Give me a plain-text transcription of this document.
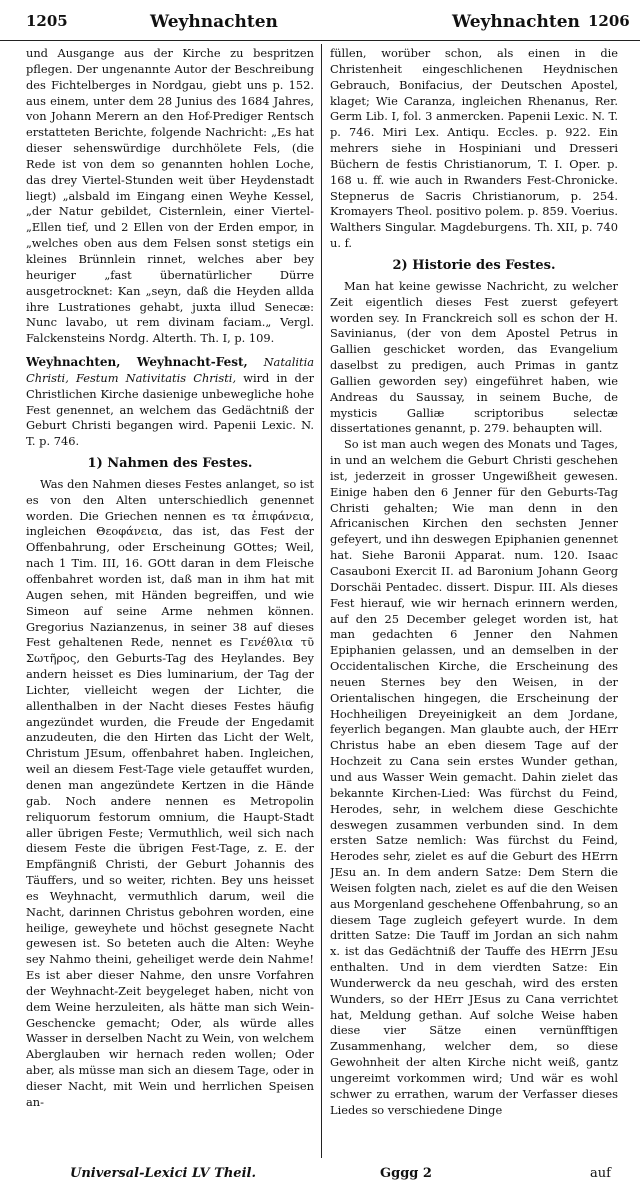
1205	Weyhnachten	Weyhnachten 1206

und Ausgange aus der Kirche zu bespritzen pflegen. Der ungenannte Autor der Beschreibung des Fichtelberges in Nordgau, giebt uns p. 152. aus einem, unter dem 28 Junius des 1684 Jahres, von Johann Merern an den Hof-Prediger Rentsch erstatteten Berichte, folgende Nachricht: „Es hat dieser sehenswürdige durchhölete Fels, (die Rede ist von dem so genannten hohlen Loche, das drey Viertel-Stunden weit über Heydenstadt liegt) „alsbald im Eingang einen Weyhe Kessel, „der Natur gebildet, Cisternlein, einer Viertel-„Ellen tief, und 2 Ellen von der Erden empor, in „welches oben aus dem Felsen sonst stetigs ein kleines Brünnlein rinnet, welches aber bey heuriger „fast übernatürlicher Dürre ausgetrocknet: Kan „seyn, daß die Heyden allda ihre Lustrationes gehabt, juxta illud Senecæ: Nunc lavabo, ut rem divinam faciam.„ Vergl. Falckensteins Nordg. Alterth. Th. I, p. 109.

Weyhnachten, Weyhnacht-Fest, Natalitia Christi, Festum Nativitatis Christi, wird in der Christlichen Kirche dasienige unbewegliche hohe Fest genennet, an welchem das Gedächtniß der Geburt Christi begangen wird. Papenii Lexic. N. T. p. 746.

1) Nahmen des Festes.

Was den Nahmen dieses Festes anlanget, so ist es von den Alten unterschiedlich genennet worden. Die Griechen nennen es τα ἐπιφάνεια, ingleichen Θεοφάνεια, das ist, das Fest der Offenbahrung, oder Erscheinung GOttes; Weil, nach 1 Tim. III, 16. GOtt daran in dem Fleische offenbahret worden ist, daß man in ihm hat mit Augen sehen, mit Händen begreiffen, und wie Simeon auf seine Arme nehmen können. Gregorius Nazianzenus, in seiner 38 auf dieses Fest gehaltenen Rede, nennet es Γενέθλια τῦ Σωτῆρος, den Geburts-Tag des Heylandes. Bey andern heisset es Dies luminarium, der Tag der Lichter, vielleicht wegen der Lichter, die allenthalben in der Nacht dieses Festes häufig angezündet wurden, die Freude der Engedamit anzudeuten, die den Hirten das Licht der Welt, Christum JEsum, offenbahret haben. Ingleichen, weil an diesem Fest-Tage viele getauffet wurden, denen man angezündete Kertzen in die Hände gab. Noch andere nennen es Metropolin reliquorum festorum omnium, die Haupt-Stadt aller übrigen Feste; Vermuthlich, weil sich nach diesem Feste die übrigen Fest-Tage, z. E. der Empfängniß Christi, der Geburt Johannis des Täuffers, und so weiter, richten. Bey uns heisset es Weyhnacht, vermuthlich darum, weil die Nacht, darinnen Christus gebohren worden, eine heilige, geweyhete und höchst gesegnete Nacht gewesen ist. So beteten auch die Alten: Weyhe sey Nahmo theini, geheiliget werde dein Nahme! Es ist aber dieser Nahme, den unsre Vorfahren der Weyhnacht-Zeit beygeleget haben, nicht von dem Weine herzuleiten, als hätte man sich Wein-Geschencke gemacht; Oder, als würde alles Wasser in derselben Nacht zu Wein, von welchem Aberglauben wir hernach reden wollen; Oder aber, als müsse man sich an diesem Tage, oder in dieser Nacht, mit Wein und herrlichen Speisen an-

füllen, worüber schon, als einen in die Christenheit eingeschlichenen Heydnischen Gebrauch, Bonifacius, der Deutschen Apostel, klaget; Wie Caranza, ingleichen Rhenanus, Rer. Germ Lib. I, fol. 3 anmercken. Papenii Lexic. N. T. p. 746. Miri Lex. Antiqu. Eccles. p. 922. Ein mehrers siehe in Hospiniani und Dresseri Büchern de festis Christianorum, T. I. Oper. p. 168 u. ff. wie auch in Rwanders Fest-Chronicke. Stepnerus de Sacris Christianorum, p. 254. Kromayers Theol. positivo polem. p. 859. Voerius. Walthers Singular. Magdeburgens. Th. XII, p. 740 u. f.

2) Historie des Festes.

Man hat keine gewisse Nachricht, zu welcher Zeit eigentlich dieses Fest zuerst gefeyert worden sey. In Franckreich soll es schon der H. Savinianus, (der von dem Apostel Petrus in Gallien geschicket worden, das Evangelium daselbst zu predigen, auch Primas in gantz Gallien geworden sey) eingeführet haben, wie Andreas du Saussay, in seinem Buche, de mysticis Galliæ scriptoribus selectæ dissertationes genannt, p. 279. behaupten will.

So ist man auch wegen des Monats und Tages, in und an welchem die Geburt Christi geschehen ist, jederzeit in grosser Ungewißheit gewesen. Einige haben den 6 Jenner für den Geburts-Tag Christi gehalten; Wie man denn in den Africanischen Kirchen den sechsten Jenner gefeyert, und ihn deswegen Epiphanien genennet hat. Siehe Baronii Apparat. num. 120. Isaac Casauboni Exercit II. ad Baronium Johann Georg Dorschäi Pentadec. dissert. Dispur. III. Als dieses Fest hierauf, wie wir hernach erinnern werden, auf den 25 December geleget worden ist, hat man gedachten 6 Jenner den Nahmen Epiphanien gelassen, und an demselben in der Occidentalischen Kirche, die Erscheinung des neuen Sternes bey den Weisen, in der Orientalischen hingegen, die Erscheinung der Hochheiligen Dreyeinigkeit an dem Jordane, feyerlich begangen. Man glaubte auch, der HErr Christus habe an eben diesem Tage auf der Hochzeit zu Cana sein erstes Wunder gethan, und aus Wasser Wein gemacht. Dahin zielet das bekannte Kirchen-Lied: Was fürchst du Feind, Herodes, sehr, in welchem diese Geschichte deswegen zusammen verbunden sind. In dem ersten Satze nemlich: Was fürchst du Feind, Herodes sehr, zielet es auf die Geburt des HErrn JEsu an. In dem andern Satze: Dem Stern die Weisen folgten nach, zielet es auf die den Weisen aus Morgenland geschehene Offenbahrung, so an diesem Tage zugleich gefeyert wurde. In dem dritten Satze: Die Tauff im Jordan an sich nahm x. ist das Gedächtniß der Tauffe des HErrn JEsu enthalten. Und in dem vierdten Satze: Ein Wunderwerck da neu geschah, wird des ersten Wunders, so der HErr JEsus zu Cana verrichtet hat, Meldung gethan. Auf solche Weise haben diese vier Sätze einen vernünfftigen Zusammenhang, welcher dem, so diese Gewohnheit der alten Kirche nicht weiß, gantz ungereimt vorkommen wird; Und wär es wohl schwer zu errathen, warum der Verfasser dieses Liedes so verschiedene Dinge

Universal-Lexici LV Theil.	Gggg 2	auf
